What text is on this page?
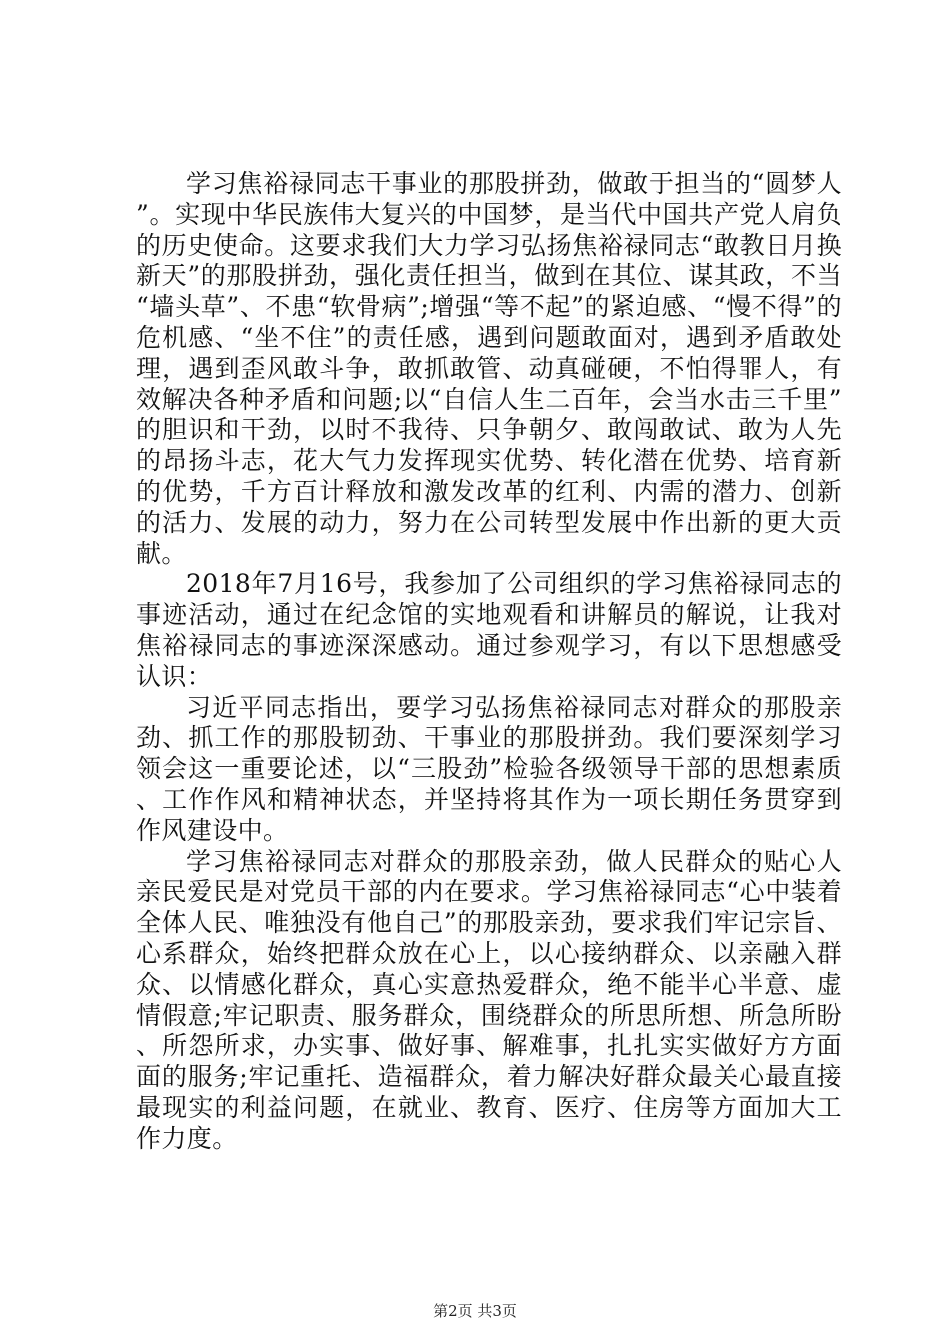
学习焦裕禄同志干事业的那股拼劲，做敢于担当的“圆梦人”。实现中华民族伟大复兴的中国梦，是当代中国共产党人肩负的历史使命。这要求我们大力学习弘扬焦裕禄同志“敢教日月换新天”的那股拼劲，强化责任担当，做到在其位、谋其政，不当“墙头草”、不患“软骨病”;增强“等不起”的紧迫感、“慢不得”的危机感、“坐不住”的责任感，遇到问题敢面对，遇到矛盾敢处理，遇到歪风敢斗争，敢抓敢管、动真碰硬，不怕得罪人，有效解决各种矛盾和问题;以“自信人生二百年，会当水击三千里”的胆识和干劲，以时不我待、只争朝夕、敢闯敢试、敢为人先的昂扬斗志，花大气力发挥现实优势、转化潜在优势、培育新的优势，千方百计释放和激发改革的红利、内需的潜力、创新的活力、发展的动力，努力在公司转型发展中作出新的更大贡献。

2018年7月16号，我参加了公司组织的学习焦裕禄同志的事迹活动，通过在纪念馆的实地观看和讲解员的解说，让我对焦裕禄同志的事迹深深感动。通过参观学习，有以下思想感受认识：

习近平同志指出，要学习弘扬焦裕禄同志对群众的那股亲劲、抓工作的那股韧劲、干事业的那股拼劲。我们要深刻学习领会这一重要论述，以“三股劲”检验各级领导干部的思想素质、工作作风和精神状态，并坚持将其作为一项长期任务贯穿到作风建设中。

学习焦裕禄同志对群众的那股亲劲，做人民群众的贴心人亲民爱民是对党员干部的内在要求。学习焦裕禄同志“心中装着全体人民、唯独没有他自己”的那股亲劲，要求我们牢记宗旨、心系群众，始终把群众放在心上，以心接纳群众、以亲融入群众、以情感化群众，真心实意热爱群众，绝不能半心半意、虚情假意;牢记职责、服务群众，围绕群众的所思所想、所急所盼、所怨所求，办实事、做好事、解难事，扎扎实实做好方方面面的服务;牢记重托、造福群众，着力解决好群众最关心最直接最现实的利益问题，在就业、教育、医疗、住房等方面加大工作力度。

第2页 共3页
